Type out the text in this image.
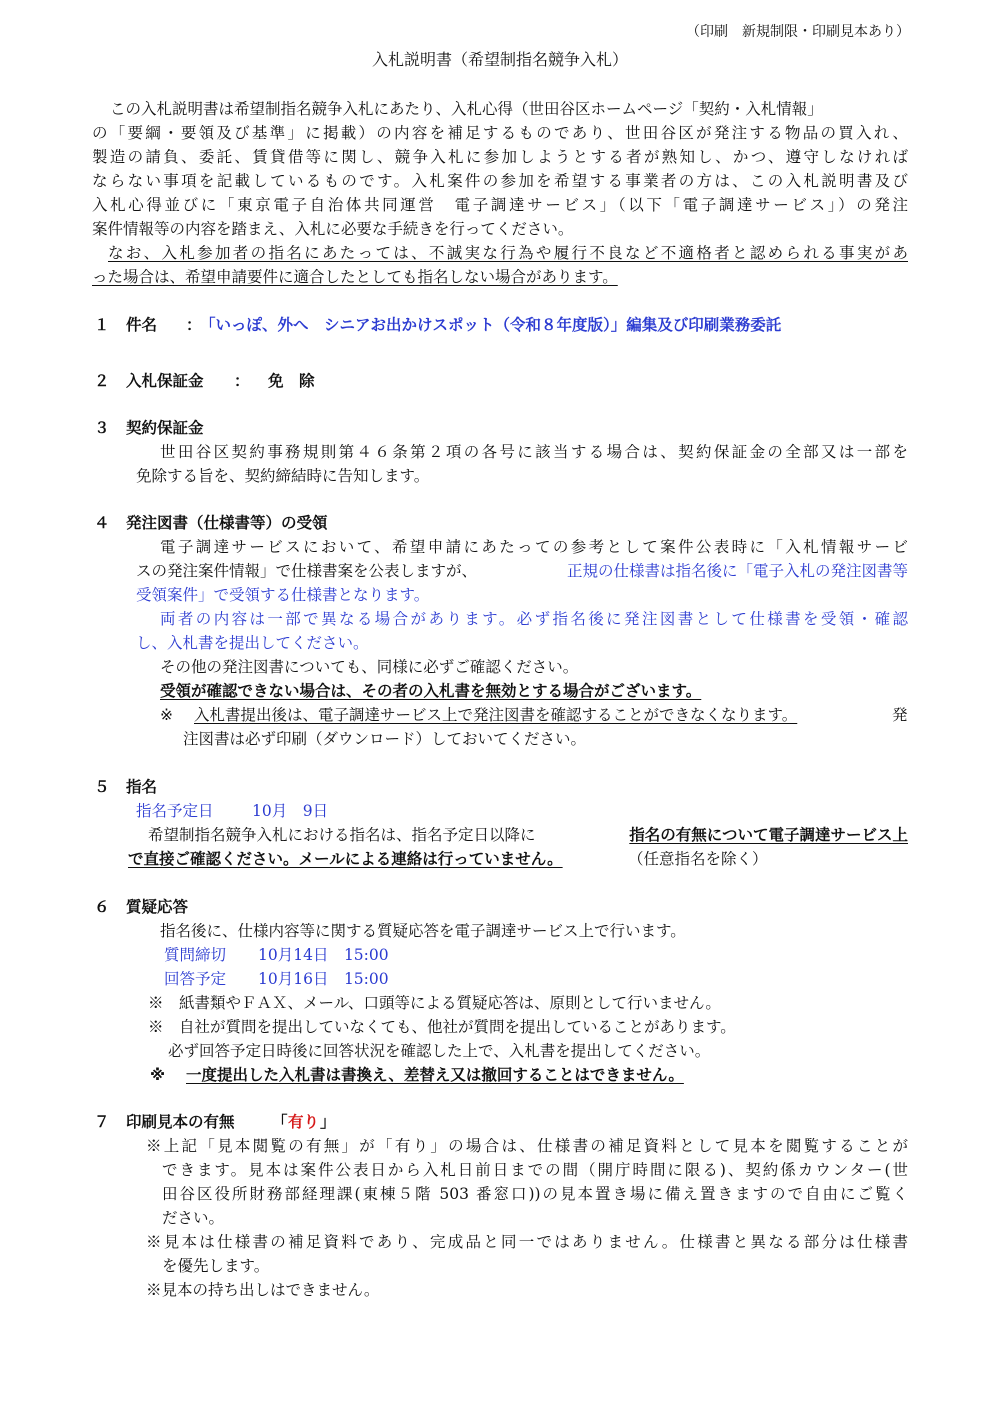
（印刷　新規制限・印刷見本あり）
入札説明書（希望制指名競争入札）
この入札説明書は希望制指名競争入札にあたり、入札心得（世田谷区ホームページ「契約・入札情報」
の「要綱・要領及び基準」に掲載）の内容を補足するものであり、世田谷区が発注する物品の買入れ、
製造の請負、委託、賃貸借等に関し、競争入札に参加しようとする者が熟知し、かつ、遵守しなければ
ならない事項を記載しているものです。入札案件の参加を希望する事業者の方は、この入札説明書及び
入札心得並びに「東京電子自治体共同運営　電子調達サービス」（以下「電子調達サービス」）の発注
案件情報等の内容を踏まえ、入札に必要な手続きを行ってください。
なお、入札参加者の指名にあたっては、不誠実な行為や履行不良など不適格者と認められる事実があ
った場合は、希望申請要件に適合したとしても指名しない場合があります。
１ 件名 ：
「いっぽ、外へ　シニアお出かけスポット（令和８年度版）」編集及び印刷業務委託
２ 入札保証金 ： 免　除
３ 契約保証金
世田谷区契約事務規則第４６条第２項の各号に該当する場合は、契約保証金の全部又は一部を
免除する旨を、契約締結時に告知します。
４ 発注図書（仕様書等）の受領
電子調達サービスにおいて、希望申請にあたっての参考として案件公表時に「入札情報サービ
スの発注案件情報」で仕様書案を公表しますが、	正規の仕様書は指名後に「電子入札の発注図書等
受領案件」で受領する仕様書となります。
両者の内容は一部で異なる場合があります。必ず指名後に発注図書として仕様書を受領・確認
し、入札書を提出してください。
その他の発注図書についても、同様に必ずご確認ください。
受領が確認できない場合は、その者の入札書を無効とする場合がございます。
※ 入札書提出後は、電子調達サービス上で発注図書を確認することができなくなります。	発
注図書は必ず印刷（ダウンロード）しておいてください。
５ 指名
指名予定日 10月　9日
希望制指名競争入札における指名は、指名予定日以降に	指名の有無について電子調達サービス上
で直接ご確認ください。メールによる連絡は行っていません。	（任意指名を除く）
６ 質疑応答
指名後に、仕様内容等に関する質疑応答を電子調達サービス上で行います。
質問締切 10月14日　15:00
回答予定 10月16日　15:00
※　紙書類やＦＡＸ、メール、口頭等による質疑応答は、原則として行いません。
※　自社が質問を提出していなくても、他社が質問を提出していることがあります。
必ず回答予定日時後に回答状況を確認した上で、入札書を提出してください。
※ 一度提出した入札書は書換え、差替え又は撤回することはできません。
７ 印刷見本の有無 「 有り 」
※上記「見本閲覧の有無」が「有り」の場合は、仕様書の補足資料として見本を閲覧することが
できます。見本は案件公表日から入札日前日までの間（開庁時間に限る)、契約係カウンター(世
田谷区役所財務部経理課(東棟５階 503 番窓口))の見本置き場に備え置きますので自由にご覧く
ださい。
※見本は仕様書の補足資料であり、完成品と同一ではありません。仕様書と異なる部分は仕様書
を優先します。
※見本の持ち出しはできません。
